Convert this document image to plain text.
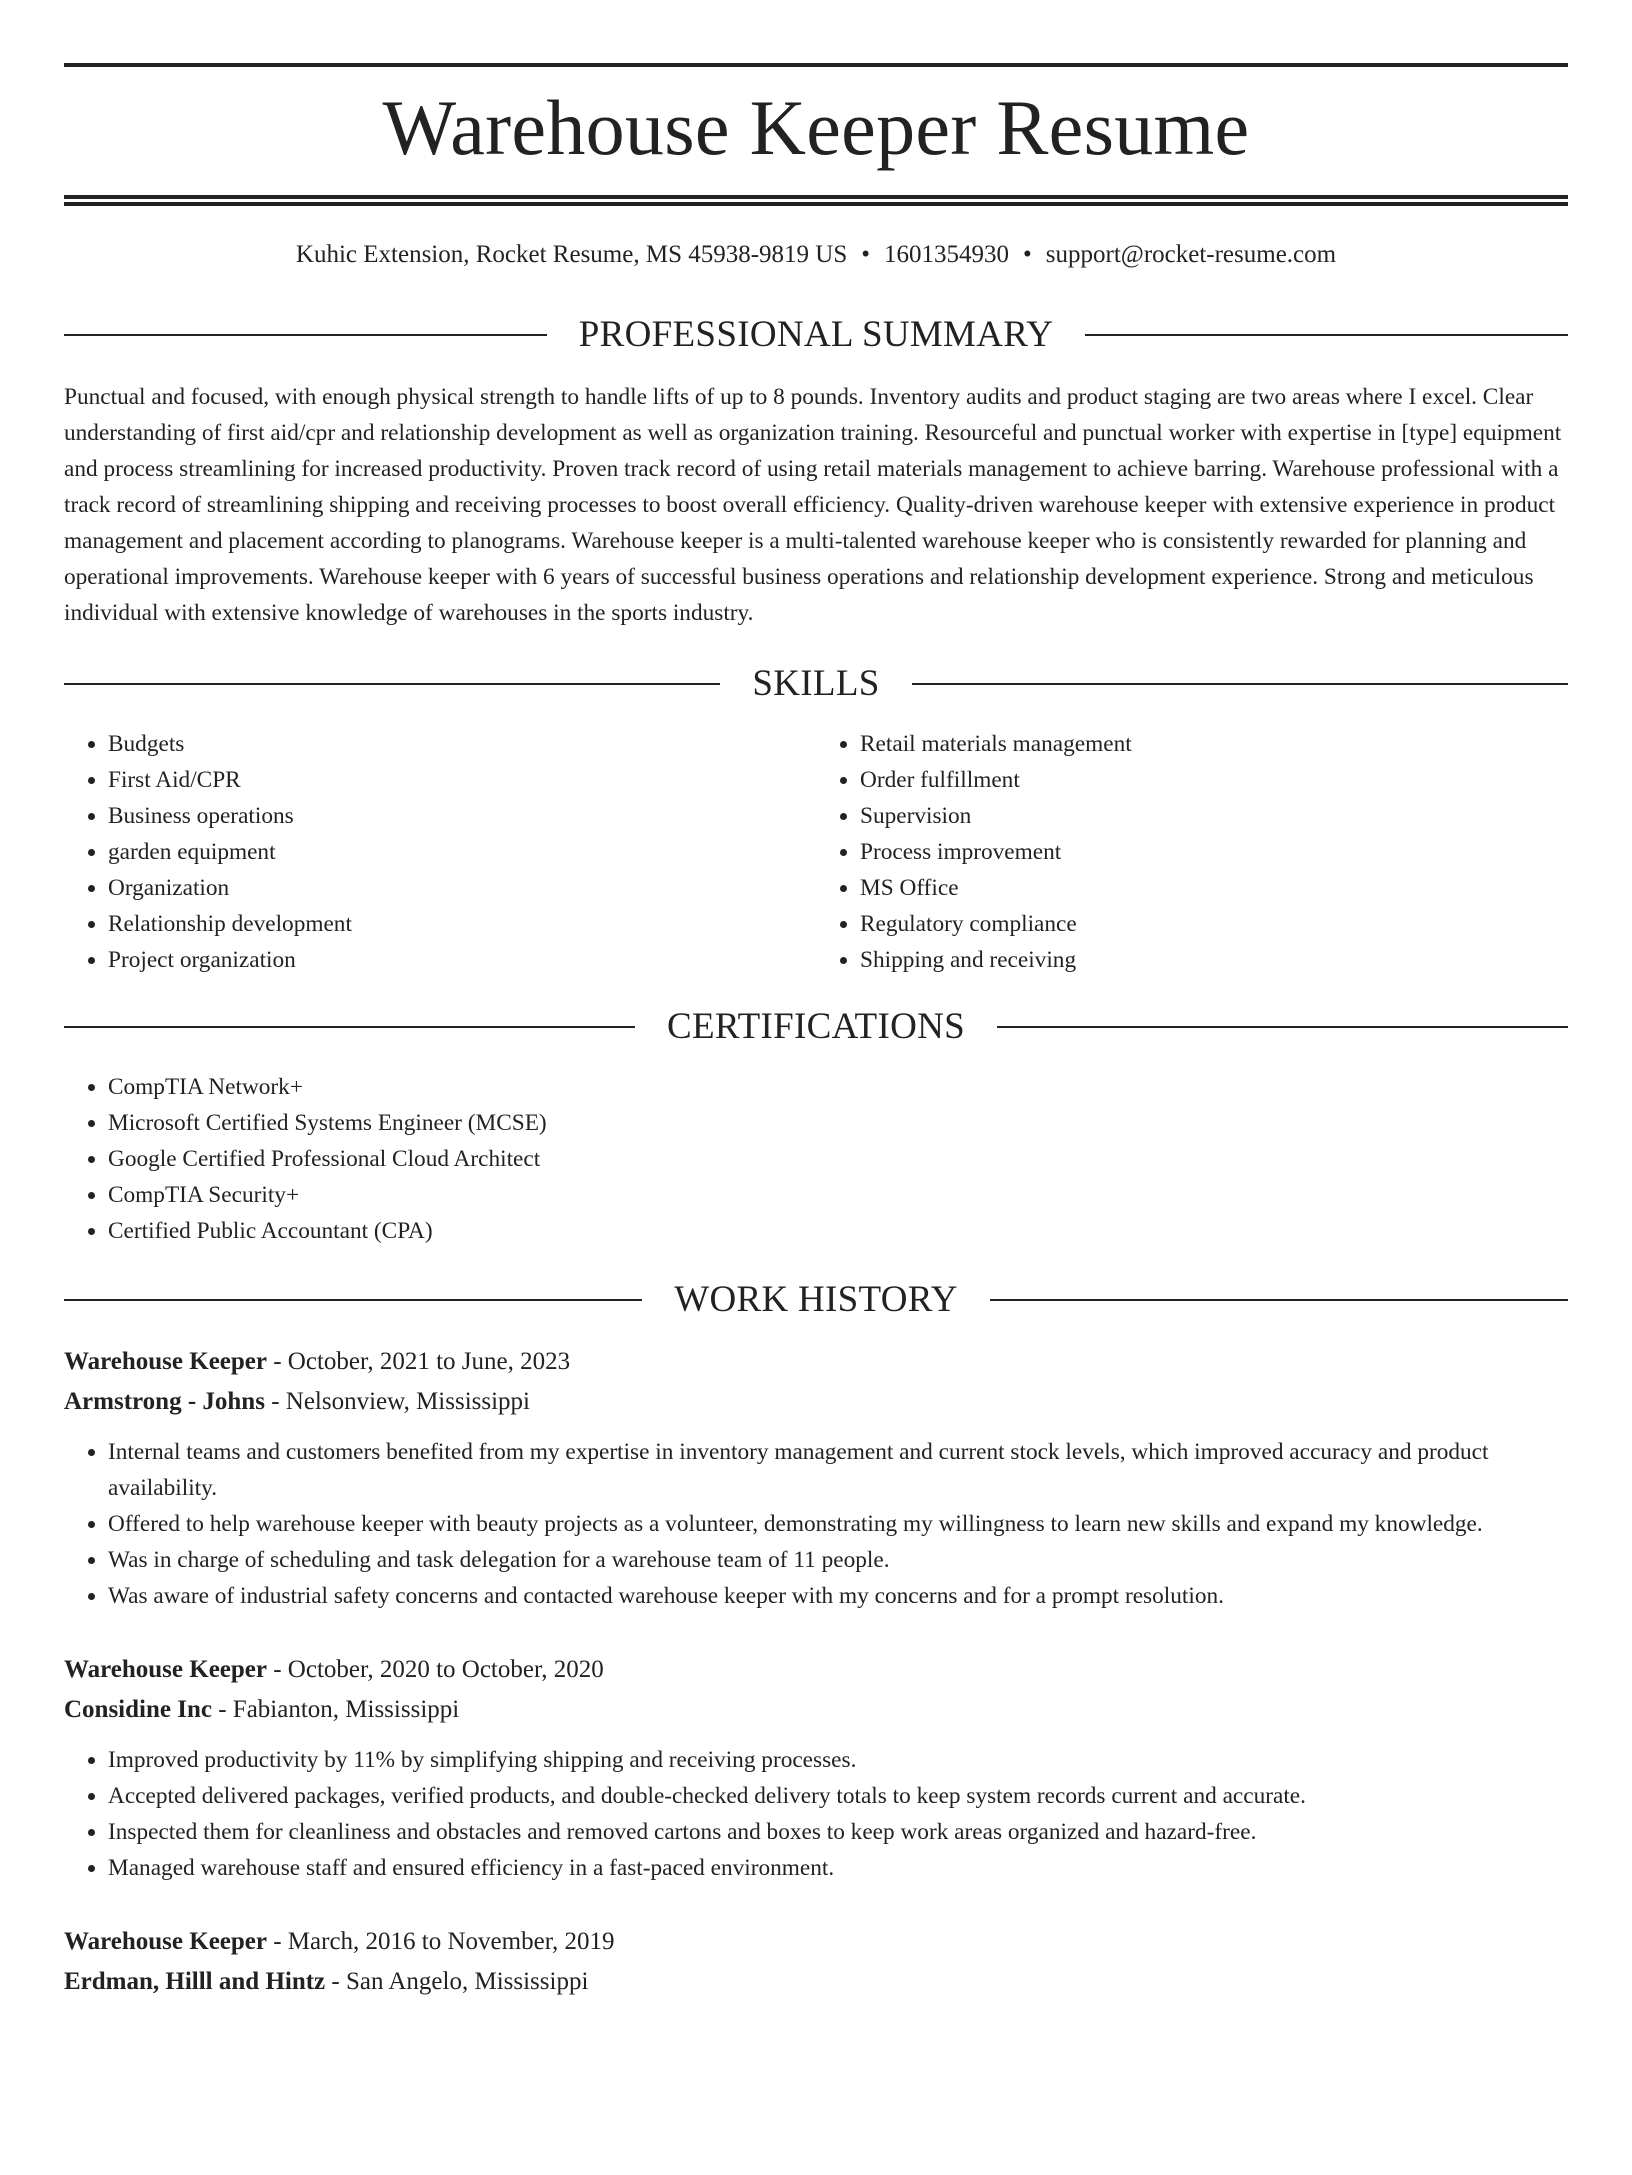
Warehouse Keeper Resume
Kuhic Extension, Rocket Resume, MS 45938-9819 US • 1601354930 • support@rocket-resume.com
PROFESSIONAL SUMMARY

Punctual and focused, with enough physical strength to handle lifts of up to 8 pounds. Inventory audits and product staging are two areas where I excel. Clear understanding of first aid/cpr and relationship development as well as organization training. Resourceful and punctual worker with expertise in [type] equipment and process streamlining for increased productivity. Proven track record of using retail materials management to achieve barring. Warehouse professional with a track record of streamlining shipping and receiving processes to boost overall efficiency. Quality-driven warehouse keeper with extensive experience in product management and placement according to planograms. Warehouse keeper is a multi-talented warehouse keeper who is consistently rewarded for planning and operational improvements. Warehouse keeper with 6 years of successful business operations and relationship development experience. Strong and meticulous individual with extensive knowledge of warehouses in the sports industry.

SKILLS
• Budgets
• First Aid/CPR
• Business operations
• garden equipment
• Organization
• Relationship development
• Project organization
• Retail materials management
• Order fulfillment
• Supervision
• Process improvement
• MS Office
• Regulatory compliance
• Shipping and receiving
CERTIFICATIONS
• CompTIA Network+
• Microsoft Certified Systems Engineer (MCSE)
• Google Certified Professional Cloud Architect
• CompTIA Security+
• Certified Public Accountant (CPA)
WORK HISTORY
Warehouse Keeper - October, 2021 to June, 2023
Armstrong - Johns - Nelsonview, Mississippi
• Internal teams and customers benefited from my expertise in inventory management and current stock levels, which improved accuracy and product availability.
• Offered to help warehouse keeper with beauty projects as a volunteer, demonstrating my willingness to learn new skills and expand my knowledge.
• Was in charge of scheduling and task delegation for a warehouse team of 11 people.
• Was aware of industrial safety concerns and contacted warehouse keeper with my concerns and for a prompt resolution.
Warehouse Keeper - October, 2020 to October, 2020
Considine Inc - Fabianton, Mississippi
• Improved productivity by 11% by simplifying shipping and receiving processes.
• Accepted delivered packages, verified products, and double-checked delivery totals to keep system records current and accurate.
• Inspected them for cleanliness and obstacles and removed cartons and boxes to keep work areas organized and hazard-free.
• Managed warehouse staff and ensured efficiency in a fast-paced environment.
Warehouse Keeper - March, 2016 to November, 2019
Erdman, Hilll and Hintz - San Angelo, Mississippi
